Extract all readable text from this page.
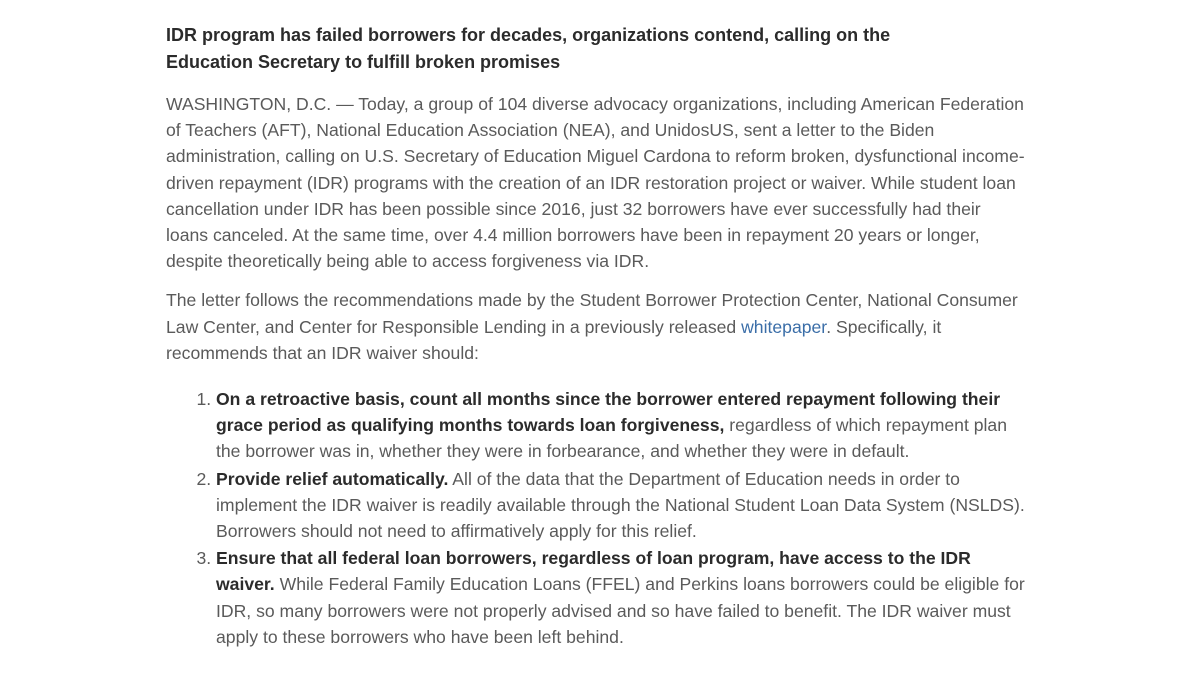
IDR program has failed borrowers for decades, organizations contend, calling on the Education Secretary to fulfill broken promises

WASHINGTON, D.C. — Today, a group of 104 diverse advocacy organizations, including American Federation of Teachers (AFT), National Education Association (NEA), and UnidosUS, sent a letter to the Biden administration, calling on U.S. Secretary of Education Miguel Cardona to reform broken, dysfunctional income-driven repayment (IDR) programs with the creation of an IDR restoration project or waiver. While student loan cancellation under IDR has been possible since 2016, just 32 borrowers have ever successfully had their loans canceled. At the same time, over 4.4 million borrowers have been in repayment 20 years or longer, despite theoretically being able to access forgiveness via IDR.

The letter follows the recommendations made by the Student Borrower Protection Center, National Consumer Law Center, and Center for Responsible Lending in a previously released whitepaper. Specifically, it recommends that an IDR waiver should:

1. On a retroactive basis, count all months since the borrower entered repayment following their grace period as qualifying months towards loan forgiveness, regardless of which repayment plan the borrower was in, whether they were in forbearance, and whether they were in default.
2. Provide relief automatically. All of the data that the Department of Education needs in order to implement the IDR waiver is readily available through the National Student Loan Data System (NSLDS). Borrowers should not need to affirmatively apply for this relief.
3. Ensure that all federal loan borrowers, regardless of loan program, have access to the IDR waiver. While Federal Family Education Loans (FFEL) and Perkins loans borrowers could be eligible for IDR, so many borrowers were not properly advised and so have failed to benefit. The IDR waiver must apply to these borrowers who have been left behind.
